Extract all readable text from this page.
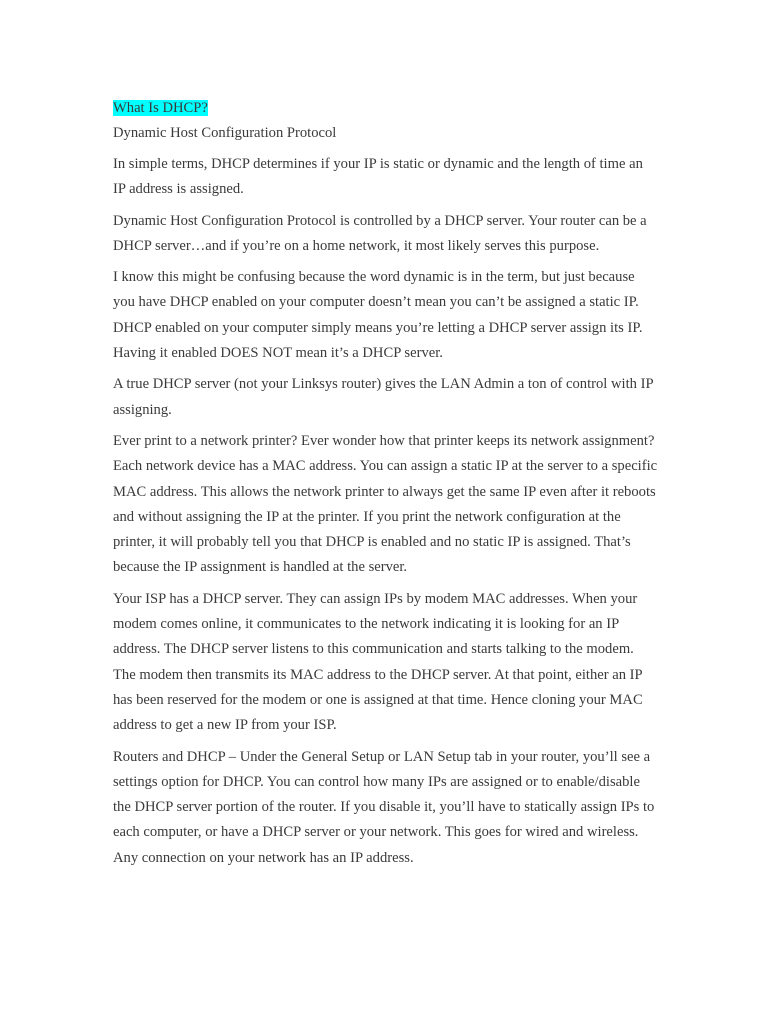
What Is DHCP?

Dynamic Host Configuration Protocol

In simple terms, DHCP determines if your IP is static or dynamic and the length of time an IP address is assigned.

Dynamic Host Configuration Protocol is controlled by a DHCP server. Your router can be a DHCP server…and if you’re on a home network, it most likely serves this purpose.

I know this might be confusing because the word dynamic is in the term, but just because you have DHCP enabled on your computer doesn’t mean you can’t be assigned a static IP. DHCP enabled on your computer simply means you’re letting a DHCP server assign its IP. Having it enabled DOES NOT mean it’s a DHCP server.

A true DHCP server (not your Linksys router) gives the LAN Admin a ton of control with IP assigning.

Ever print to a network printer? Ever wonder how that printer keeps its network assignment? Each network device has a MAC address. You can assign a static IP at the server to a specific MAC address. This allows the network printer to always get the same IP even after it reboots and without assigning the IP at the printer. If you print the network configuration at the printer, it will probably tell you that DHCP is enabled and no static IP is assigned. That’s because the IP assignment is handled at the server.

Your ISP has a DHCP server. They can assign IPs by modem MAC addresses. When your modem comes online, it communicates to the network indicating it is looking for an IP address. The DHCP server listens to this communication and starts talking to the modem. The modem then transmits its MAC address to the DHCP server. At that point, either an IP has been reserved for the modem or one is assigned at that time. Hence cloning your MAC address to get a new IP from your ISP.

Routers and DHCP – Under the General Setup or LAN Setup tab in your router, you’ll see a settings option for DHCP. You can control how many IPs are assigned or to enable/disable the DHCP server portion of the router. If you disable it, you’ll have to statically assign IPs to each computer, or have a DHCP server or your network. This goes for wired and wireless. Any connection on your network has an IP address.
